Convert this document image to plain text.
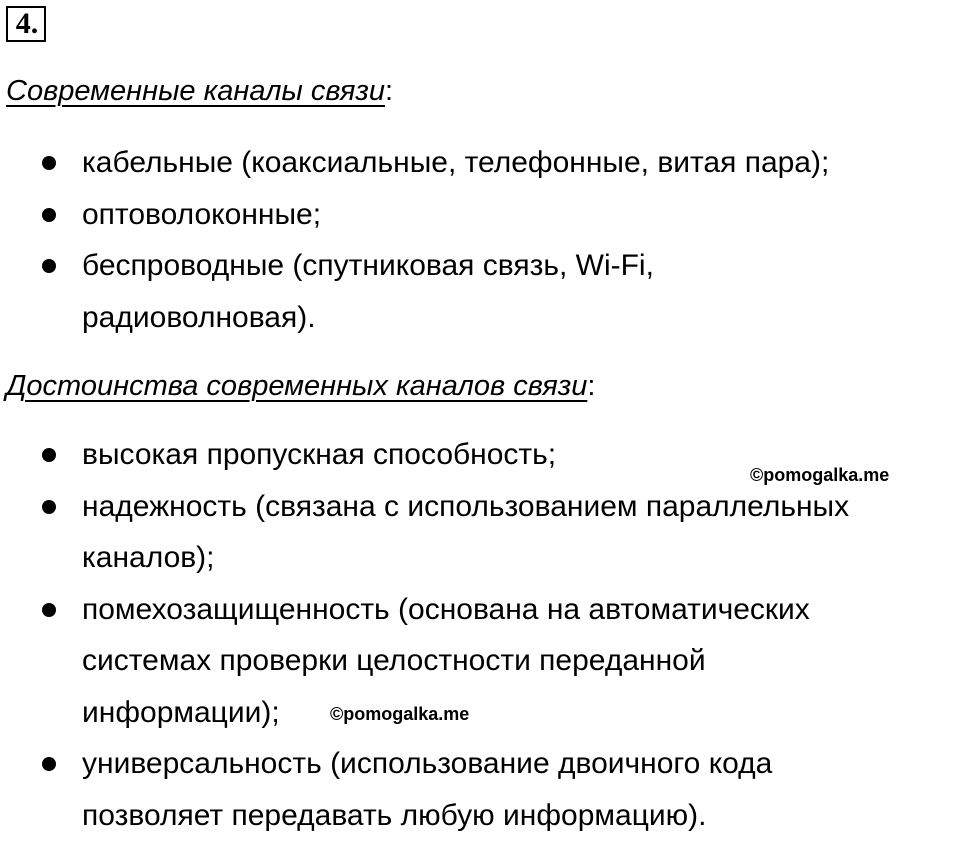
4.
Современные каналы связи:
кабельные (коаксиальные, телефонные, витая пара);
оптоволоконные;
беспроводные (спутниковая связь, Wi-Fi,
радиоволновая).
Достоинства современных каналов связи:
высокая пропускная способность;
надежность (связана с использованием параллельных
каналов);
помехозащищенность (основана на автоматических
системах проверки целостности переданной
информации);
универсальность (использование двоичного кода
позволяет передавать любую информацию).
©pomogalka.me
©pomogalka.me
